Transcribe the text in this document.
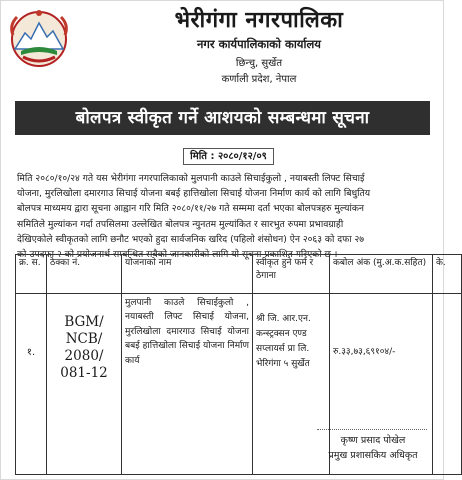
भेरीगंगा नगरपालिका
नगर कार्यपालिकाको कार्यालय
छिन्चु, सुर्खेत
कर्णाली प्रदेश, नेपाल
बोलपत्र स्वीकृत गर्ने आशयको सम्बन्धमा सूचना
मिति : २०८०/१२/०९
मिति २०८०/१०/२४ गते यस भेरीगंगा नगरपालिकाको मुलपानी काउले सिचाईकुलो , नयाबस्ती लिफ्ट सिचाई
योजना, मुरलिखोला दमारगाउ सिचाई योजना बबई हात्तिखोला सिचाई योजना निर्माण कार्य को लागि बिधुतिय
बोलपत्र माध्यमय द्वारा सूचना आह्वान गरि मिति २०८०/११/२७ गते सम्ममा दर्ता भएका बोलपत्रहरु मुल्यांकन
समितिले मुल्यांकन गर्दा तपसिलमा उल्लेखित बोलपत्र न्युनतम मुल्यांकित र सारभुत रुपमा प्रभावग्राही
देखिएकोले स्वीकृतको लागि छनौट भएको हुदा सार्वजनिक खरिद (पहिलो शंसोधन) ऐन २०६३ को दफा २७
को उपदफा २ को प्रयोजनार्थ सम्बन्धित सबैको जानकारीको लागि यो सूचना प्रकाशित गरिएको छ ।
क्र. स.	ठेक्का नं.	योजनाको नाम	स्वीकृत हुने फर्म र ठेगाना	कबोल अंक (मु.अ.क.सहित)	के.
१.	BGM/ NCB/ 2080/ 081-12	मुलपानी काउले सिचाईकुलो , नयाबस्ती लिफ्ट सिचाई योजना, मुरलिखोला दमारगाउ सिचाई योजना बबई हात्तिखोला सिचाई योजना निर्माण कार्य	श्री जि. आर.एन. कन्स्ट्रक्सन एण्ड सप्लायर्स प्रा लि. भेरिगंगा ५ सुर्खेत	रु.३३,७३,६९१०४/-	
कृष्ण प्रसाद पोखेल
प्रमुख प्रशासकिय अधिकृत
